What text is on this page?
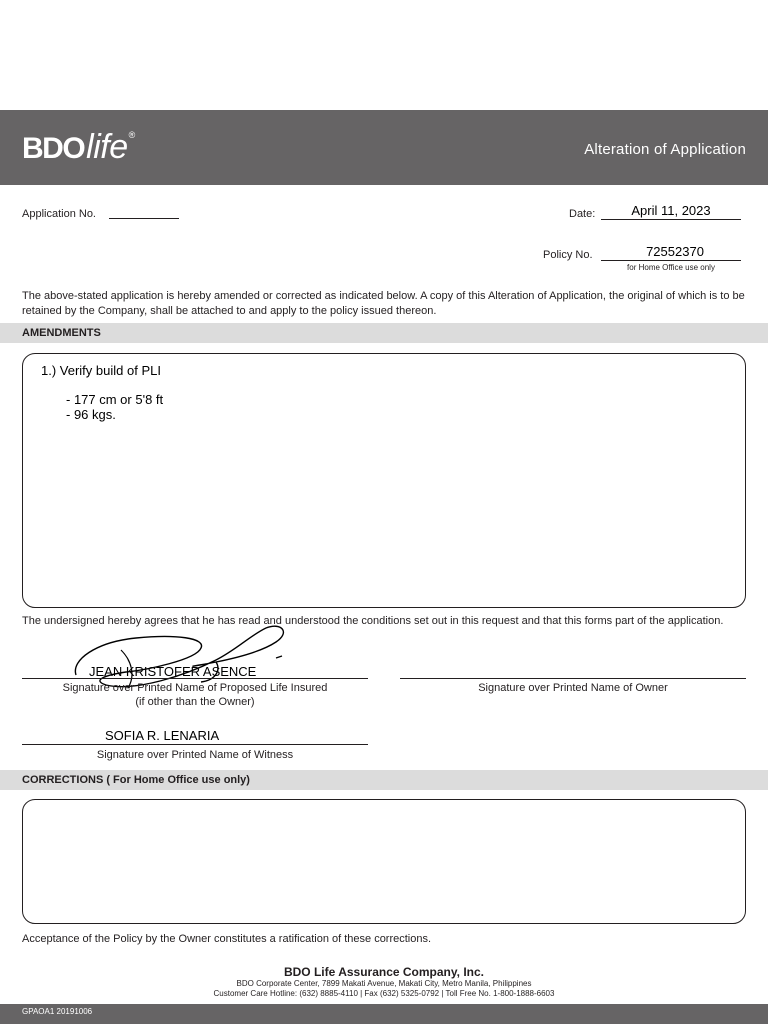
BDOlife®
Alteration of Application
Application No.	Date:	April 11, 2023
Policy No.	72552370
for Home Office use only
The above-stated application is hereby amended or corrected as indicated below. A copy of this Alteration of Application, the original of which is to be retained by the Company, shall be attached to and apply to the policy issued thereon.
AMENDMENTS
1.) Verify build of PLI
- 177 cm or 5'8 ft
- 96 kgs.
The undersigned hereby agrees that he has read and understood the conditions set out in this request and that this forms part of the application.
JEAN KRISTOFER ASENCE
Signature over Printed Name of Proposed Life Insured
(if other than the Owner)
Signature over Printed Name of Owner
SOFIA R. LENARIA
Signature over Printed Name of Witness
CORRECTIONS ( For Home Office use only)
Acceptance of the Policy by the Owner constitutes a ratification of these corrections.
BDO Life Assurance Company, Inc.
BDO Corporate Center, 7899 Makati Avenue, Makati City, Metro Manila, Philippines
Customer Care Hotline: (632) 8885-4110 | Fax (632) 5325-0792 | Toll Free No. 1-800-1888-6603
GPAOA1 20191006
